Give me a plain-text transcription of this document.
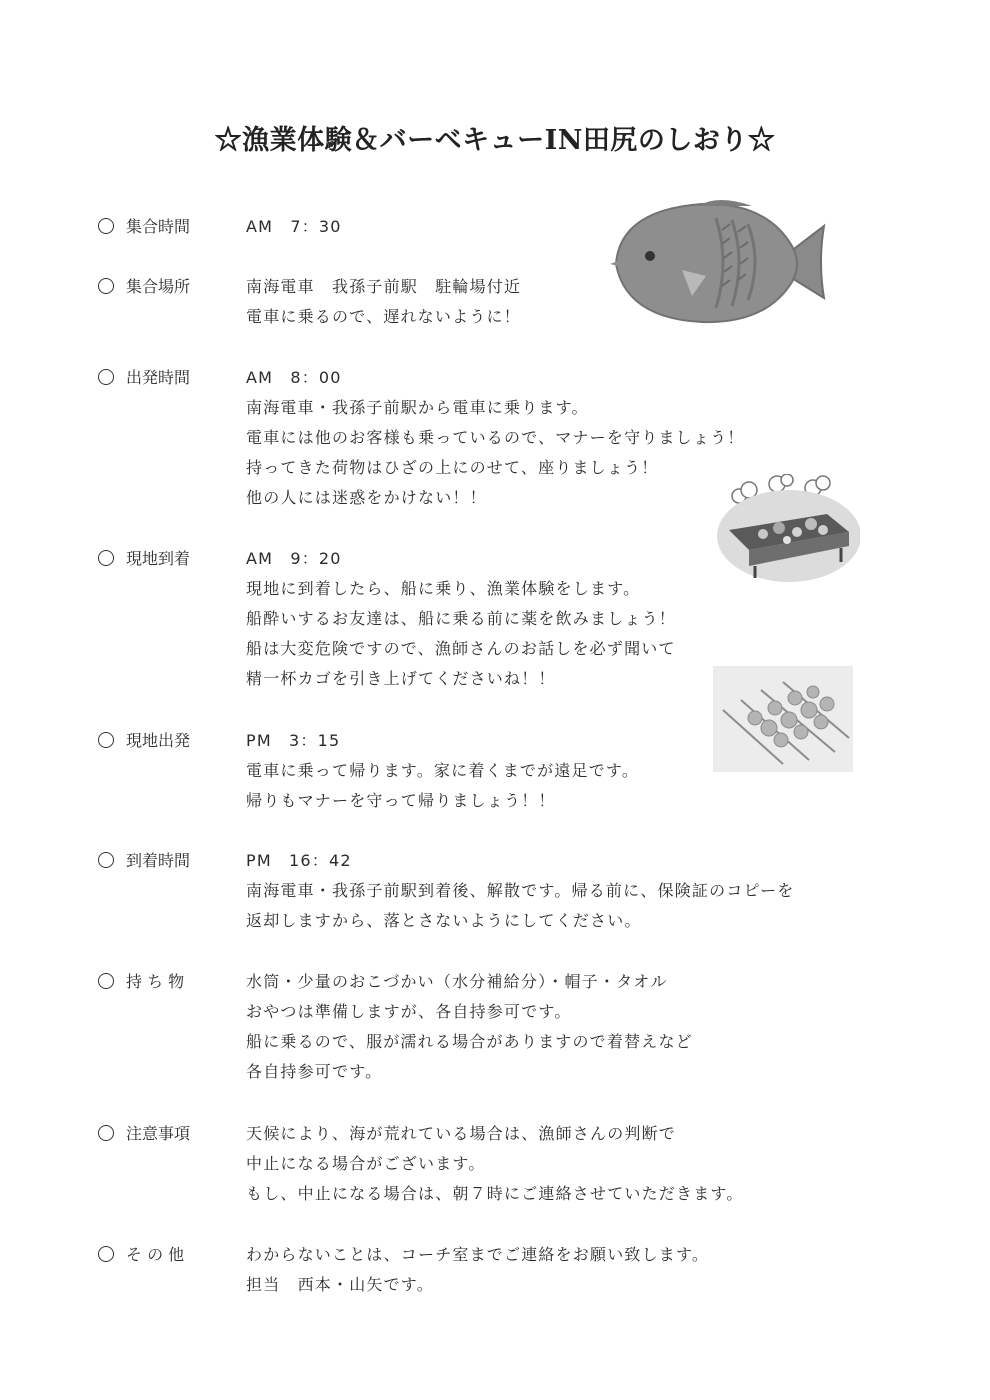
☆漁業体験＆バーベキューIN田尻のしおり☆
集合時間	AM　7：30
集合場所	南海電車　我孫子前駅　駐輪場付近
電車に乗るので、遅れないように！
出発時間	AM　8：00
南海電車・我孫子前駅から電車に乗ります。
電車には他のお客様も乗っているので、マナーを守りましょう！
持ってきた荷物はひざの上にのせて、座りましょう！
他の人には迷惑をかけない！！
現地到着	AM　9：20
現地に到着したら、船に乗り、漁業体験をします。
船酔いするお友達は、船に乗る前に薬を飲みましょう！
船は大変危険ですので、漁師さんのお話しを必ず聞いて
精一杯カゴを引き上げてくださいね！！
現地出発	PM　3：15
電車に乗って帰ります。家に着くまでが遠足です。
帰りもマナーを守って帰りましょう！！
到着時間	PM　16：42
南海電車・我孫子前駅到着後、解散です。帰る前に、保険証のコピーを
返却しますから、落とさないようにしてください。
持 ち 物	水筒・少量のおこづかい（水分補給分）・帽子・タオル
おやつは準備しますが、各自持参可です。
船に乗るので、服が濡れる場合がありますので着替えなど
各自持参可です。
注意事項	天候により、海が荒れている場合は、漁師さんの判断で
中止になる場合がございます。
もし、中止になる場合は、朝７時にご連絡させていただきます。
そ の 他	わからないことは、コーチ室までご連絡をお願い致します。
担当　西本・山矢です。
